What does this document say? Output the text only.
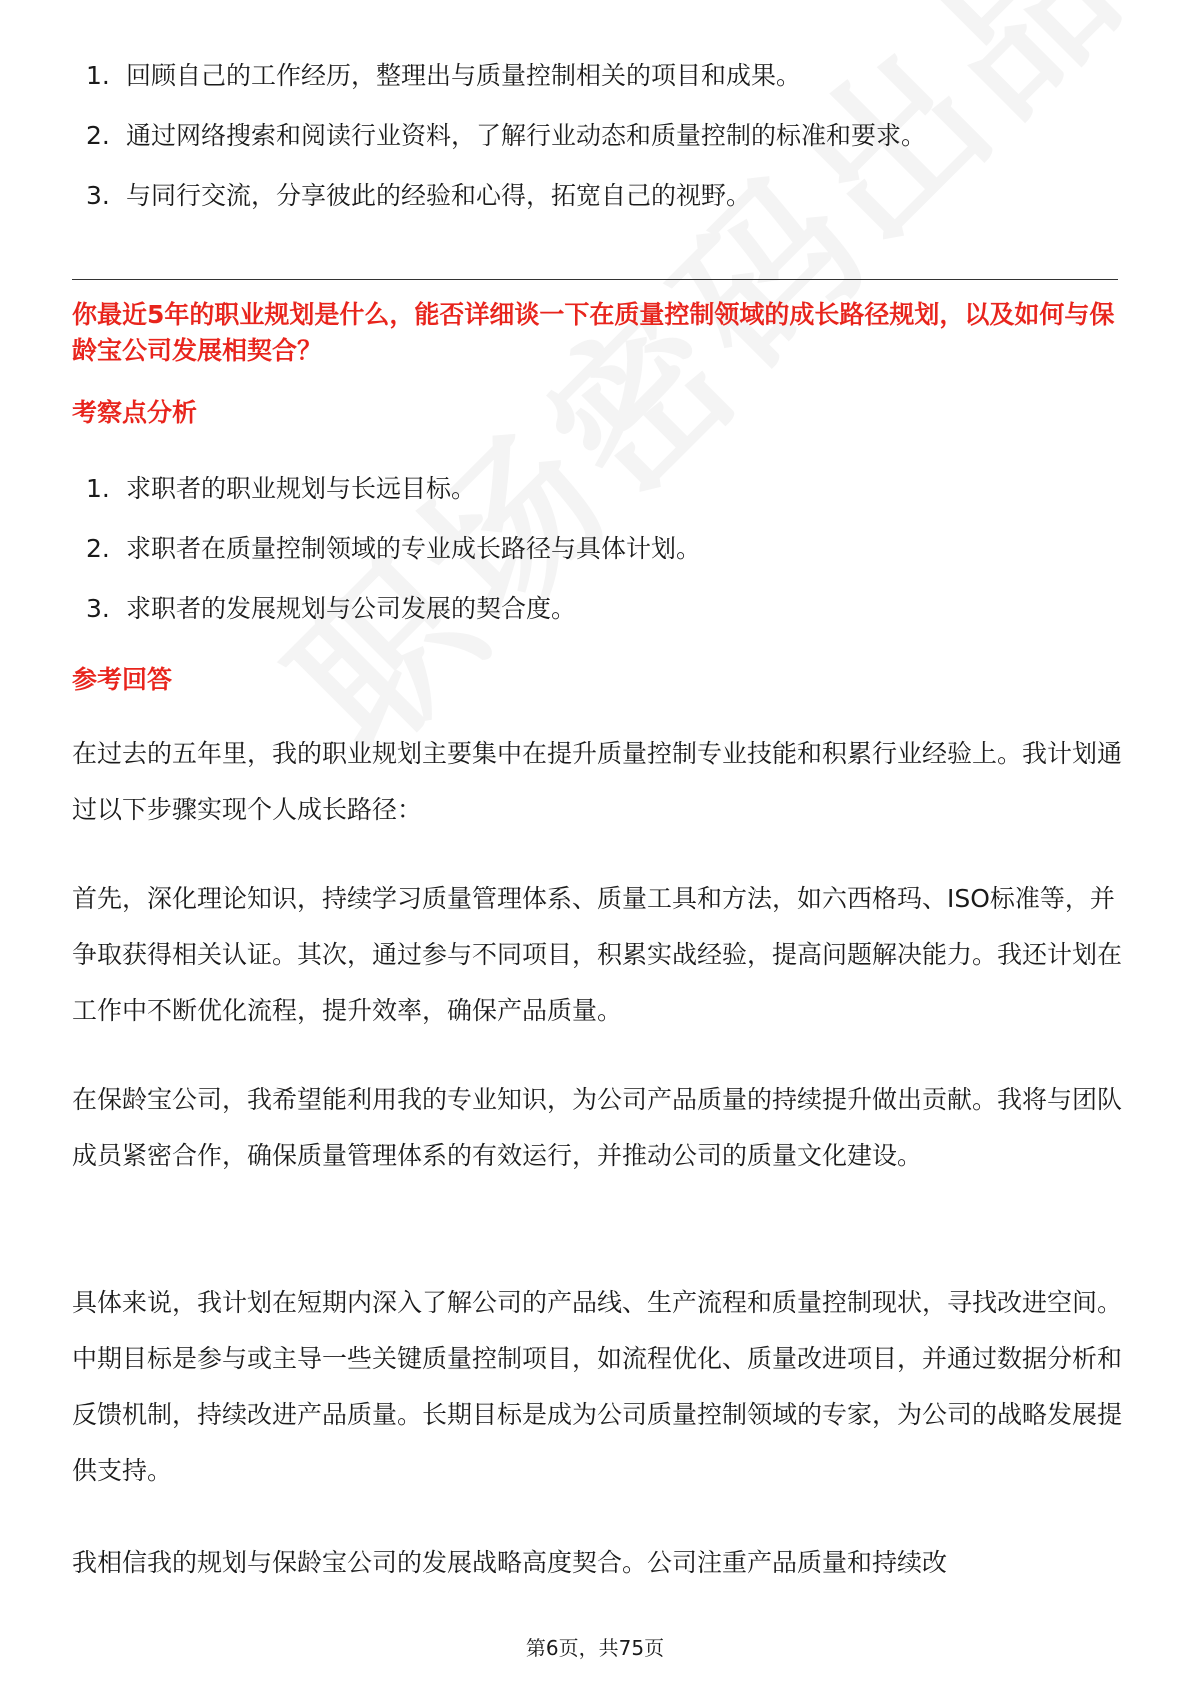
1. 回顾自己的工作经历，整理出与质量控制相关的项目和成果。
2. 通过网络搜索和阅读行业资料，了解行业动态和质量控制的标准和要求。
3. 与同行交流，分享彼此的经验和心得，拓宽自己的视野。
你最近5年的职业规划是什么，能否详细谈一下在质量控制领域的成长路径规划，以及如何与保龄宝公司发展相契合？
考察点分析
1. 求职者的职业规划与长远目标。
2. 求职者在质量控制领域的专业成长路径与具体计划。
3. 求职者的发展规划与公司发展的契合度。
参考回答
在过去的五年里，我的职业规划主要集中在提升质量控制专业技能和积累行业经验上。我计划通过以下步骤实现个人成长路径：
首先，深化理论知识，持续学习质量管理体系、质量工具和方法，如六西格玛、ISO标准等，并争取获得相关认证。其次，通过参与不同项目，积累实战经验，提高问题解决能力。我还计划在工作中不断优化流程，提升效率，确保产品质量。
在保龄宝公司，我希望能利用我的专业知识，为公司产品质量的持续提升做出贡献。我将与团队成员紧密合作，确保质量管理体系的有效运行，并推动公司的质量文化建设。
具体来说，我计划在短期内深入了解公司的产品线、生产流程和质量控制现状，寻找改进空间。中期目标是参与或主导一些关键质量控制项目，如流程优化、质量改进项目，并通过数据分析和反馈机制，持续改进产品质量。长期目标是成为公司质量控制领域的专家，为公司的战略发展提供支持。
我相信我的规划与保龄宝公司的发展战略高度契合。公司注重产品质量和持续改
第6页，共75页
